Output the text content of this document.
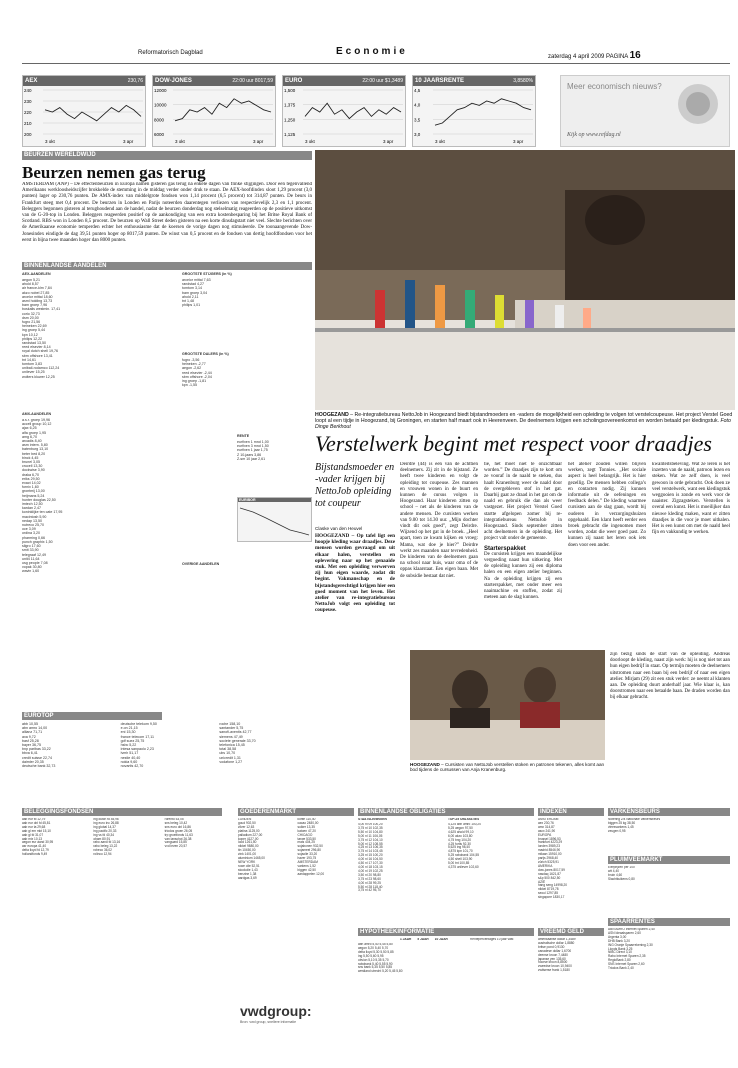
Reformatorisch Dagblad	Economie	zaterdag 4 april 2009 PAGINA 16
AEX	230,76
240
230
220
210
200
3 okt	3 apr
DOW-JONES	22:00 uur 8017,59
12000
10000
8000
6000
3 okt	3 apr
EURO	22:00 uur $1,3489
1,500
1,375
1,250
1,125
3 okt	3 apr
10 JAARSRENTE	3,8580%
4,5
4,0
3,5
3,0
3 okt	3 apr
Meer economisch nieuws?
Kijk op www.refdag.nl
BEURZEN WERELDWIJD
Beurzen nemen gas terug
AMSTERDAM (ANP) – De effectenbeurzen in Europa namen gisteren gas terug na enkele dagen van flinke stijgingen. Door een tegenvallend Amerikaans werkloosheidscijfer brokkelde de stemming in de middag verder onder druk te staan. De AEX-hoofdindex sloot 1,29 procent (3,0 punten) lager op 230,76 punten. De AMX-index van middelgrote fondsen won 1,14 procent (6,5 procent) tot 314,87 punten. De beurs in Frankfurt steeg met 0,4 procent. De beurzen in Londen en Parijs noteerden daarentegen verliezen van respectievelijk 2,3 en 1,1 procent. Beleggers begonnen gisteren al terughoudend aan de handel, nadat de beurzen donderdag nog stelselmatig reageerden op de positieve uitkomst van de G-20-top in Londen. Beleggers reageerden positief op de aankondiging van een extra kostenbesparing bij het Britse Royal Bank of Scotland. RBS won in Londen 8,5 procent. De beurzen op Wall Street deden gisteren na een korte dinsdagstart niet veel. Slechte berichten over de Amerikaanse economie temperden echter het enthousiasme dat de koersen de vorige dagen nog stimuleerde. De toonaangevende Dow-Jonesindex eindigde de dag 39,51 punten hoger op 8017,59 punten. De winst van 0,5 procent en de fondsen van dertig hoofdfondsen voor het eerst in bijna twee maanden hoger dan 8000 punten.
BINNENLANDSE AANDELEN
AEX-AANDELEN
aegon 5,21
ahold 8,57
air france-klm 7,84
akzo nobel 27,85
arcelor mittal 18,60
asml holding 13,73
bam groep 7,96
boskalis westmin. 17,41
corio 32,73
dsm 20,00
fugro 21,56
heineken 22,69
ing groep 5,44
kpn 10,12
philips 12,22
randstad 13,50
reed elsevier 8,14
royal dutch shell 19,76
sbm offshore 13,41
tnt 14,61
tomtom 3,83
unibail-rodamco 112,24
unilever 15,25
wolters kluwer 12,25
AMX-AANDELEN
a.s.r. groep 19,96
accell group 10,12
ajax 6,25
alfa groep 1,95
amg 6,70
arcadis 8,40
asm intern. 5,80
batenburg 13,10
beter bed 8,20
binck 4,45
brunel 3,05
crucell 13,30
dockwise 3,90
draka 6,70
eriks 29,50
exact 14,02
fornix 1,60
grontmij 13,00
heijmans 5,24
hunter douglas 22,50
imtech 12,50
kardan 2,47
koninklijke ten cate 17,95
macintosh 5,90
nedap 13,50
nutreco 25,70
oce 3,09
ordina 3,20
pharming 0,66
punch graphix 1,50
sligro 17,60
smit 33,90
telegraaf 12,49
unit4 11,64
usg people 7,08
vopak 30,80
wavin 1,60
GROOTSTE STIJGERS (in %)
arcelor mittal 7,63
randstad 4,27
tomtom 3,14
bam groep 3,04
ahold 2,11
tnt 1,48
philips 1,01
GROOTSTE DALERS (in %)
fugro -3,56
heineken -2,77
aegon -2,62
reed elsevier -2,44
sbm offshore -2,04
ing groep -1,81
kpn -1,55
RENTE
eurfixen 1 mnd 1,00
eurfixen 3 mnd 1,50
eurfixen 1 jaar 1,75
Z 10-jaars 3,86
Z-sm 10 jaar 2,61
EURIBOR
OVERIGE AANDELEN
EUROTOP
abb 10,55
abn amro 14,00
allianz 71,71
axa 9,72
basf 25,28
bayer 36,75
bnp paribas 33,22
bbva 6,41
credit suisse 22,74
daimler 20,35
deutsche bank 32,73
deutsche telekom 9,50
e.on 21,15
eni 15,30
france telecom 17,11
gdf suez 25,75
hsbc 5,22
intesa sanpaolo 2,23
lvmh 51,17
nestle 40,40
nokia 9,60
novartis 42,70
roche 158,10
santander 5,75
sanofi-aventis 42,77
siemens 47,49
societe generale 33,70
telefonica 15,45
total 38,58
ubs 10,70
unicredit 1,31
vodafone 1,27
BELEGGINGSFONDSEN
aab eur fd 12,79
aab eur obl fd 45,81
aab eur ta 29,68
aab gl em mkt 15,10
aab gl fd 31,07
aab mix 10,13
aegon eur aand 30,95
asr europa 41,40
delta lloyd fd 12,79
hollandfonds 9,49
ing dutch fd 45,96
ing euro inc 26,88
ing global 14,37
ing pacific 20,33
ing vs fd 40,34
obam 80,91
rabo aand fd 13,16
rabo beleg 13,22
robeco 36,02
rolinco 12,94
rorento 53,05
sns beleg 10,42
sns euro obl 16,86
triodos groen 26,05
trp groeifonds 11,63
van lanschot 26,38
vanguard 15,85
vvd leven 20,57
vwdgroup:
Bron: vwd group, snellere informatie
GOEDERENMARKT
LONDEN
goud 902,50
zilver 12,63
platina 1125,00
palladium 227,00
koper 4127,00
lood 1261,50
nikkel 9880,00
tin 10450,00
zink 1401,00
aluminium 1465,00
NEW YORK
ruwe olie 52,51
stookolie 1,43
benzine 1,38
aardgas 3,69
koffie 110,40
cacao 2480,00
suiker 13,35
katoen 47,20
CHICAGO
tarwe 533,50
mais 404,25
sojabonen 932,50
sojameel 296,80
sojaolie 33,20
haver 193,75
AMSTERDAM
varkens 1,52
biggen 42,50
aardappelen 12,00
BINNENLANDSE OBLIGATIES
STAATSLENINGEN	TOP-25 OBLIGATIES
4,00 nl 09 100,20
3,75 nl 10 102,35
5,50 nl 10 104,80
5,00 nl 11 106,05
3,75 nl 12 104,10
5,00 nl 12 108,55
4,25 nl 13 106,35
3,75 nl 14 103,45
3,25 nl 15 100,20
4,00 nl 16 104,50
4,50 nl 17 107,30
4,00 nl 18 103,15
4,00 nl 19 102,25
3,50 nl 20 98,80
3,75 nl 23 98,60
4,00 nl 28 99,25
5,50 nl 28 118,40
3,75 nl 42 95,70
4,125 abn amro 100,20
5,25 aegon 97,50
4,625 ahold 99,10
6,00 akzo 103,80
4,75 bng 104,20
4,25 fortis 92,30
5,625 ing 98,40
4,875 kpn 101,70
5,25 rabobank 104,55
4,50 shell 103,90
5,00 tnt 100,85
4,375 unilever 102,60
HYPOTHEEKINFORMATIE
1 JAAR 5 JAAR 10 JAAR
abn amro 5,40 5,45 5,80
aegon 5,20 5,40 5,70
delta lloyd 5,30 5,50 5,85
ing 5,50 5,60 5,95
obvion 5,10 5,35 5,70
rabobank 5,40 5,55 5,90
sns bank 5,35 5,50 5,85
westland utrecht 5,20 5,45 5,80
Rentepercentages 10 jaar vast
INDEXEN
AMSTERDAM
aex 230,76
amx 314,87
ascx 241,90
EUROPA
brussel 1896,53
frankfurt 4223,29
londen 3989,23
madrid 8546,90
milaan 15910,00
parijs 2968,40
zürich 5325,91
AMERIKA
dow-jones 8017,59
nasdaq 1621,87
s&p 500 842,50
AZIË
hang seng 14998,20
nikkei 8719,78
seoul 1297,85
singapore 1830,17
VREEMD GELD
amerikaanse dollar 1,3489
australische dollar 1,8880
britse pond 0,9130
canadese dollar 1,6700
deense kroon 7,4480
japanse yen 135,60
noorse kroon 8,8500
zweedse kroon 10,9400
zwitserse frank 1,5180
VARKENSBEURS
Notering 2/4 Nationale Varkensbeurs
biggen 25 kg 38,50
vleesvarkens 1,45
zeugen 0,95
PLUIMVEEMARKT
Eierprijzen per 100
wit 4,40
bruin 4,60
Slachtkuikens 0,80
SPAARRENTES
ABN AMRO Internet Sparen 2,40
ASN Ideaalsparen 2,60
Argenta 3,00
DHB Bank 3,20
ING Oranje Spaarrekening 2,30
Lloyds Bank 3,25
NIBC Direct 3,10
Rabo Internet Sparen 2,35
RegioBank 2,80
SNS Internet Sparen 2,60
Triodos Bank 2,40
HOOGEZAND – Re-integratiebureau NettoJob in Hoogezand biedt bijstandmoeders en -vaders de mogelijkheid een opleiding te volgen tot verstelcoupeuse. Het project Verstel Goed loopt al een tijdje in Hoogezand, bij Groningen, en starten half maart ook in Heerenveen. De deelnemers krijgen een scholingsovereenkomst en worden betaald per kledingstuk. Foto Dinge Berkhout
Verstelwerk begint met respect voor draadjes
Bijstandsmoeder en -vader krijgen bij NettoJob opleiding tot coupeur
Claske van den Heuvel
HOOGEZAND – Op tafel ligt een hoopje kleding waar draadjes. Deze mensen worden gevraagd om uit elkaar halen, verstellen en oplevering naar op het genaaide stuk. Met een opleiding verwerven zij hun eigen waarde, zodat dit begint. Vakmanschap en de bijstandsgerechtigd krijgen hier een goed moment van het leven. Het atelier van re-integratiebureau NettoJob volgt een opleiding tot coupeuse.
Deirdre (44) is een van de achttien deelnemers. Zij zit in de bijstand. Ze heeft twee kinderen en volgt de opleiding tot coupeuse. Zes mannen en vrouwen wonen in de buurt en kunnen de cursus volgen in Hoogezand. Haar kinderen zitten op school – net als de kinderen van de andere mensen. De cursisten werken van 9.00 tot 14.30 uur. „Mijn dochter vindt dit ook goed”, zegt Deirdre. Wijzend op het gat in de broek. „Heel apart, toen ze kwam kijken en vroeg: Mama, wat doe je hier?” Deirdre werkt zes maanden naar tevredenheid. De kinderen van de deelnemers gaan na school naar huis, waar oma of de oppas klaarstaat. Een eigen baan. Met de subsidie bestaat dat niet.
tie, het moet niet te onzichtbaar worden.” De draadjes zijn te kort om ze vooraf in de naald te steken, dus haalt Kranenburg weer de naald door de overgebleven stof in het gat. Daarbij gaat ze draad in het gat om de naald en gebruik die dan als weer vastgezet. Het project Verstel Goed startte afgelopen zomer bij re-integratiebureau NettoJob in Hoogezand. Sinds september zitten acht deelnemers in de opleiding. Het project valt onder de gemeente.
Starterspakket
De cursisten krijgen een maandelijkse vergoeding naast hun uitkering. Met de opleiding kunnen zij een diploma halen en een eigen atelier beginnen. Na de opleiding krijgen zij een starterspakket, met onder meer een naaimachine en stoffen, zodat zij meteen aan de slag kunnen.
het atelier zouden willen blijven werken, zegt Tonnies. „Het sociale aspect is heel belangrijk. Het is hier gezellig. De mensen hebben collega’s en contacten nodig. Zij kunnen informatie uit de oefeningen en feedback delen.” De kleding waarmee cursisten aan de slag gaan, wordt bij ouderen in verzorgingshuizen opgehaald. Een klant heeft eerder een broek gebracht die ingenomen moet worden, zodat die weer goed past. Zo kunnen zij naast het leren ook iets doen voor een ander.
kwaliteitsbeleving. Wat ze leren is het inzetten van de naald, patroon lezen en steken. Wat ze zelf doen, is veel gewoon in orde gebracht. Ook doen ze veel verstelwerk, want een kledingstuk weggooien is zonde en werk voor de naaister. Zigzagsteken. Verstellen is overal een kunst. Het is moeilijker dan nieuwe kleding maken, want er zitten draadjes in die voor je moet uithalen. Het is een kunst om met de naald heel fijn en vakkundig te werken.
zijn bezig sinds de start van de opleiding. Andreas doorloopt de kleding, naast zijn werk: hij is nog niet tot aan hun eigen bedrijf in staat. Op termijn moeten de deelnemers uitstromen naar een baan bij een bedrijf of naar een eigen atelier. Mirjam (29) zit een stuk verder: ze neemt al klanten aan. De opleiding duurt anderhalf jaar. Wie klaar is, kan doorstromen naar een betaalde baan. De draden worden dan bij elkaar gebracht.
HOOGEZAND – Cursisten van NettoJob verstellen stoken en patronen tekenen, alles komt aan bod tijdens de cursussen van Anja Kranenburg.
